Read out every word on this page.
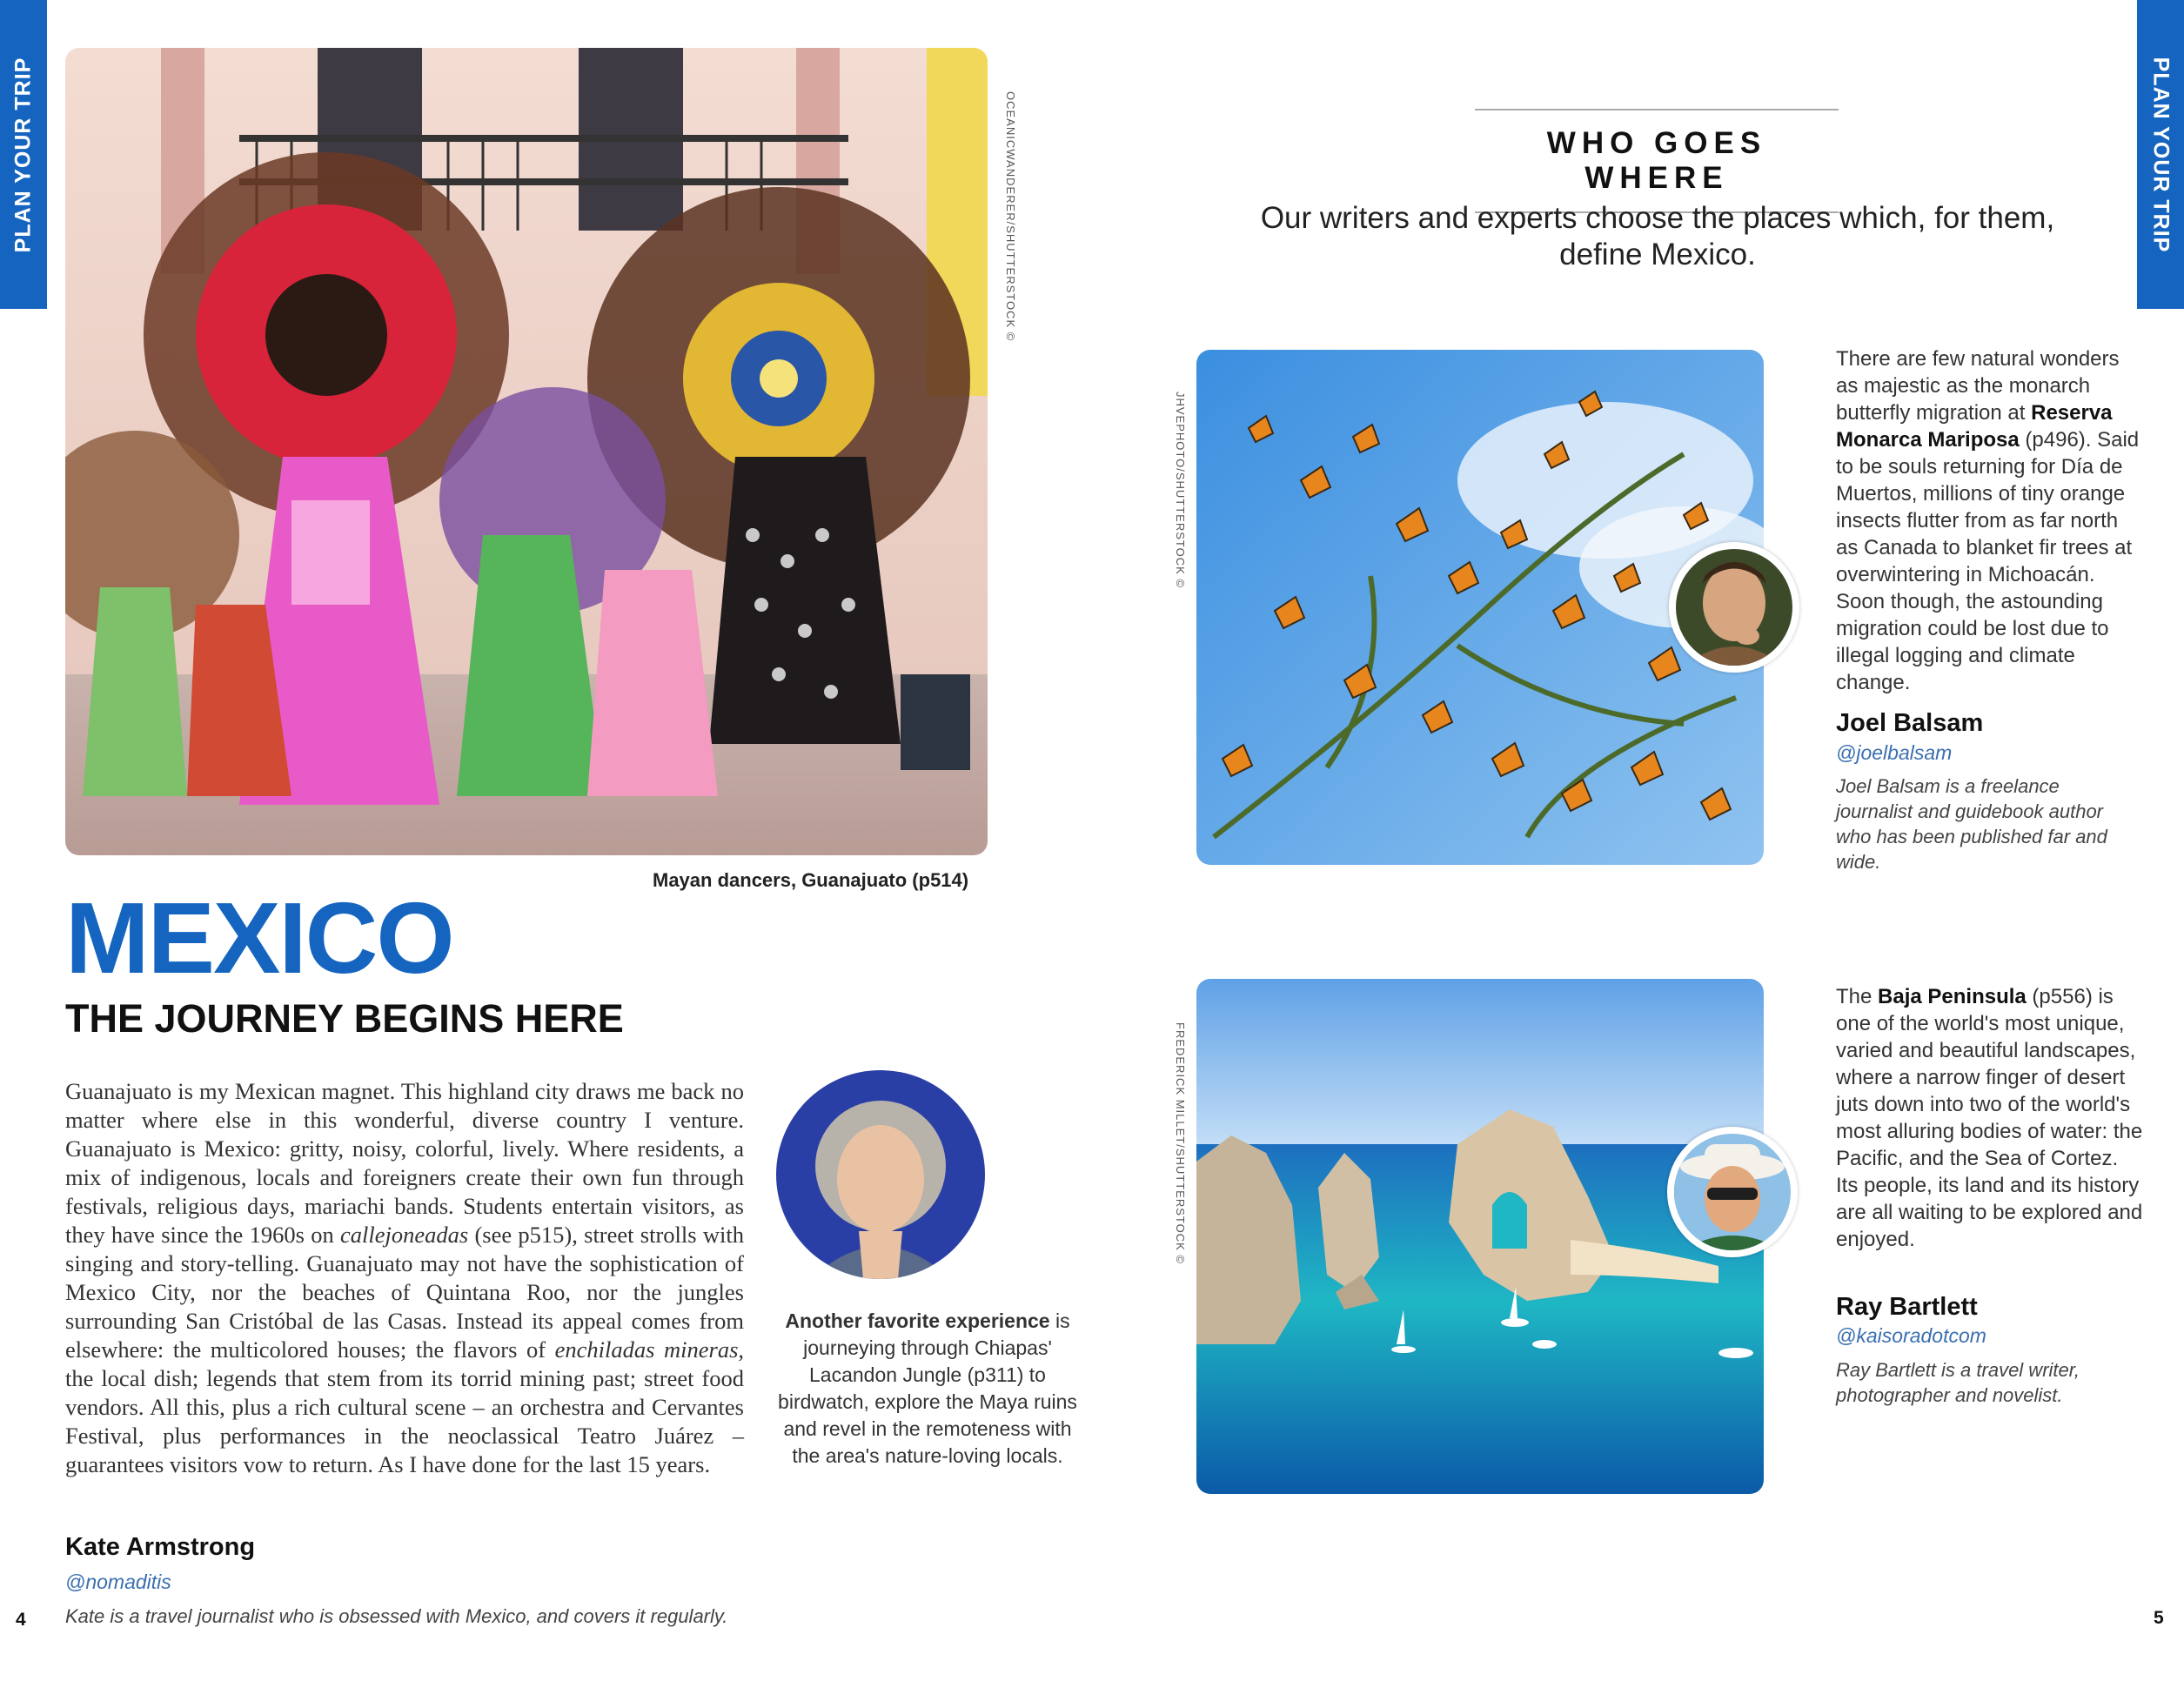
PLAN YOUR TRIP	PLAN YOUR TRIP
OCEANICWANDERER/SHUTTERSTOCK ©
Mayan dancers, Guanajuato (p514)
MEXICO
THE JOURNEY BEGINS HERE
Guanajuato is my Mexican magnet. This highland city draws me back no matter where else in this wonderful, diverse country I venture. Guanajuato is Mexico: gritty, noisy, colorful, lively. Where residents, a mix of indigenous, locals and foreigners create their own fun through festivals, religious days, mariachi bands. Students entertain visitors, as they have since the 1960s on callejoneadas (see p515), street strolls with singing and story-telling. Guanajuato may not have the sophistication of Mexico City, nor the beaches of Quintana Roo, nor the jungles surrounding San Cristóbal de las Casas. Instead its appeal comes from elsewhere: the multicolored houses; the flavors of enchiladas mineras, the local dish; legends that stem from its torrid mining past; street food vendors. All this, plus a rich cultural scene – an orchestra and Cervantes Festival, plus performances in the neoclassical Teatro Juárez – guarantees visitors vow to return. As I have done for the last 15 years.
Another favorite experience is journeying through Chiapas' Lacandon Jungle (p311) to birdwatch, explore the Maya ruins and revel in the remoteness with the area's nature-loving locals.
Kate Armstrong
@nomaditis
Kate is a travel journalist who is obsessed with Mexico, and covers it regularly.
4
WHO GOES WHERE
Our writers and experts choose the places which, for them, define Mexico.
JHVEPHOTO/SHUTTERSTOCK ©
There are few natural wonders as majestic as the monarch butterfly migration at Reserva Monarca Mariposa (p496). Said to be souls returning for Día de Muertos, millions of tiny orange insects flutter from as far north as Canada to blanket fir trees at overwintering in Michoacán. Soon though, the astounding migration could be lost due to illegal logging and climate change.
Joel Balsam
@joelbalsam
Joel Balsam is a freelance journalist and guidebook author who has been published far and wide.
FREDERICK MILLET/SHUTTERSTOCK ©
The Baja Peninsula (p556) is one of the world's most unique, varied and beautiful landscapes, where a narrow finger of desert juts down into two of the world's most alluring bodies of water: the Pacific, and the Sea of Cortez. Its people, its land and its history are all waiting to be explored and enjoyed.
Ray Bartlett
@kaisoradotcom
Ray Bartlett is a travel writer, photographer and novelist.
5
